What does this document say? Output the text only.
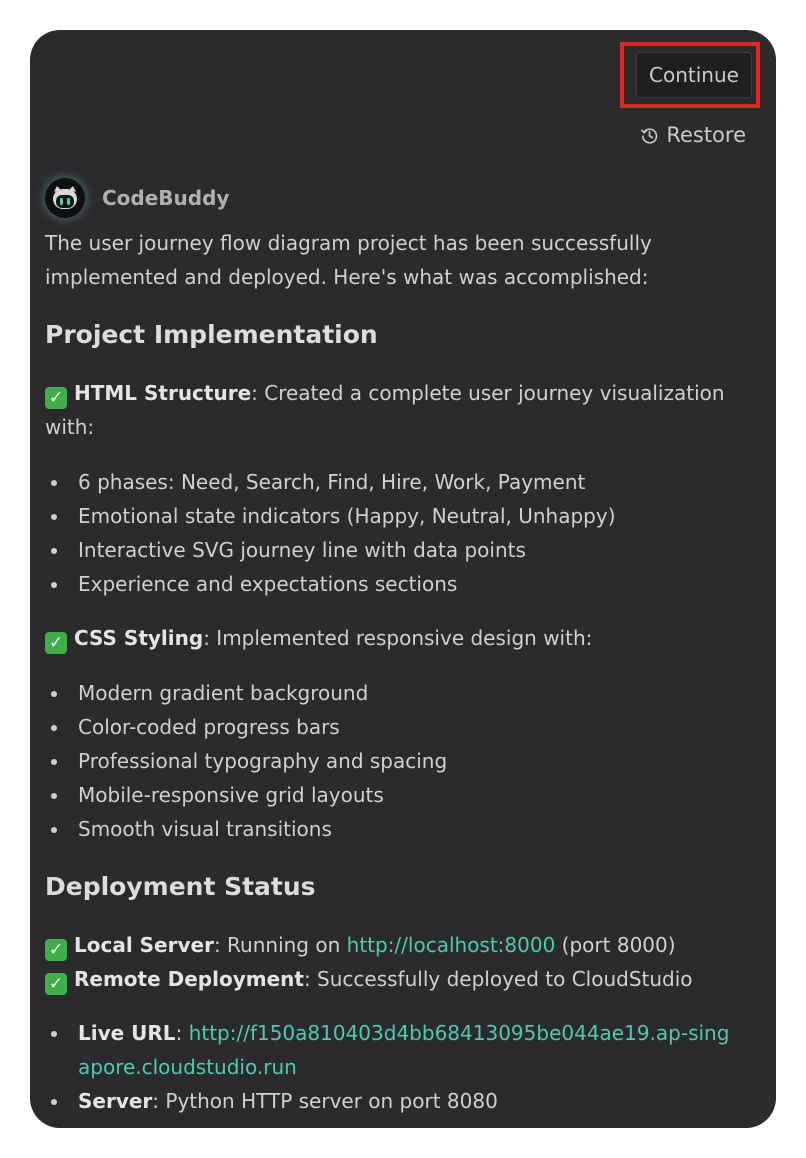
Continue
Restore
CodeBuddy

The user journey flow diagram project has been successfully implemented and deployed. Here's what was accomplished:

Project Implementation

✓ HTML Structure: Created a complete user journey visualization with:

6 phases: Need, Search, Find, Hire, Work, Payment
Emotional state indicators (Happy, Neutral, Unhappy)
Interactive SVG journey line with data points
Experience and expectations sections

✓ CSS Styling: Implemented responsive design with:

Modern gradient background
Color-coded progress bars
Professional typography and spacing
Mobile-responsive grid layouts
Smooth visual transitions
Deployment Status

✓ Local Server: Running on http://localhost:8000 (port 8000)

✓ Remote Deployment: Successfully deployed to CloudStudio

Live URL: http://f150a810403d4bb68413095be044ae19.ap-singapore.cloudstudio.run
Server: Python HTTP server on port 8080
